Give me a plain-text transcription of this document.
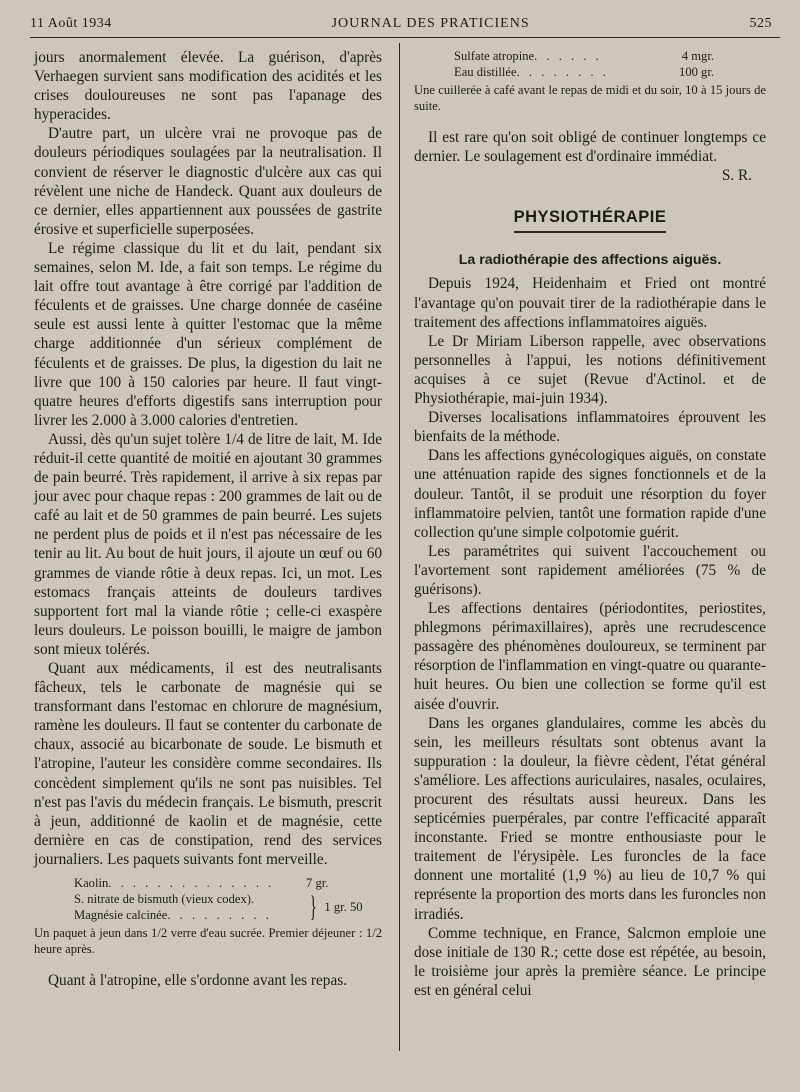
11 Août 1934	JOURNAL DES PRATICIENS	525

jours anormalement élevée. La guérison, d'après Verhaegen survient sans modification des acidités et les crises douloureuses ne sont pas l'apanage des hyperacides.

D'autre part, un ulcère vrai ne provoque pas de douleurs périodiques soulagées par la neutralisation. Il convient de réserver le diagnostic d'ulcère aux cas qui révèlent une niche de Handeck. Quant aux douleurs de ce dernier, elles appartiennent aux poussées de gastrite érosive et superficielle superposées.

Le régime classique du lit et du lait, pendant six semaines, selon M. Ide, a fait son temps. Le régime du lait offre tout avantage à être corrigé par l'addition de féculents et de graisses. Une charge donnée de caséine seule est aussi lente à quitter l'estomac que la même charge additionnée d'un sérieux complément de féculents et de graisses. De plus, la digestion du lait ne livre que 100 à 150 calories par heure. Il faut vingt-quatre heures d'efforts digestifs sans interruption pour livrer les 2.000 à 3.000 calories d'entretien.

Aussi, dès qu'un sujet tolère 1/4 de litre de lait, M. Ide réduit-il cette quantité de moitié en ajoutant 30 grammes de pain beurré. Très rapidement, il arrive à six repas par jour avec pour chaque repas : 200 grammes de lait ou de café au lait et de 50 grammes de pain beurré. Les sujets ne perdent plus de poids et il n'est pas nécessaire de les tenir au lit. Au bout de huit jours, il ajoute un œuf ou 60 grammes de viande rôtie à deux repas. Ici, un mot. Les estomacs français atteints de douleurs tardives supportent fort mal la viande rôtie ; celle-ci exaspère leurs douleurs. Le poisson bouilli, le maigre de jambon sont mieux tolérés.

Quant aux médicaments, il est des neutralisants fâcheux, tels le carbonate de magnésie qui se transformant dans l'estomac en chlorure de magnésium, ramène les douleurs. Il faut se contenter du carbonate de chaux, associé au bicarbonate de soude. Le bismuth et l'atropine, l'auteur les considère comme secondaires. Ils concèdent simplement qu'ils ne sont pas nuisibles. Tel n'est pas l'avis du médecin français. Le bismuth, prescrit à jeun, additionné de kaolin et de magnésie, cette dernière en cas de constipation, rend des services journaliers. Les paquets suivants font merveille.

Kaolin . . . . . . . . . . . . . .	7 gr.
S. nitrate de bismuth (vieux codex).
Magnésie calcinée . . . . . . . . .	} 1 gr. 50

Un paquet à jeun dans 1/2 verre d'eau sucrée. Premier déjeuner : 1/2 heure après.

Quant à l'atropine, elle s'ordonne avant les repas.

Sulfate atropine . . . . . .	4 mgr.
Eau distillée . . . . . . . .	100 gr.

Une cuillerée à café avant le repas de midi et du soir, 10 à 15 jours de suite.

Il est rare qu'on soit obligé de continuer longtemps ce dernier. Le soulagement est d'ordinaire immédiat.

S. R.
PHYSIOTHÉRAPIE
La radiothérapie des affections aiguës.

Depuis 1924, Heidenhaim et Fried ont montré l'avantage qu'on pouvait tirer de la radiothérapie dans le traitement des affections inflammatoires aiguës.

Le Dr Miriam Liberson rappelle, avec observations personnelles à l'appui, les notions définitivement acquises à ce sujet (Revue d'Actinol. et de Physiothérapie, mai-juin 1934).

Diverses localisations inflammatoires éprouvent les bienfaits de la méthode.

Dans les affections gynécologiques aiguës, on constate une atténuation rapide des signes fonctionnels et de la douleur. Tantôt, il se produit une résorption du foyer inflammatoire pelvien, tantôt une formation rapide d'une collection qu'une simple colpotomie guérit.

Les paramétrites qui suivent l'accouchement ou l'avortement sont rapidement améliorées (75 % de guérisons).

Les affections dentaires (périodontites, periostites, phlegmons périmaxillaires), après une recrudescence passagère des phénomènes douloureux, se terminent par résorption de l'inflammation en vingt-quatre ou quarante-huit heures. Ou bien une collection se forme qu'il est aisée d'ouvrir.

Dans les organes glandulaires, comme les abcès du sein, les meilleurs résultats sont obtenus avant la suppuration : la douleur, la fièvre cèdent, l'état général s'améliore. Les affections auriculaires, nasales, oculaires, procurent des résultats aussi heureux. Dans les septicémies puerpérales, par contre l'efficacité apparaît inconstante. Fried se montre enthousiaste pour le traitement de l'érysipèle. Les furoncles de la face donnent une mortalité (1,9 %) au lieu de 10,7 % qui représente la proportion des morts dans les furoncles non irradiés.

Comme technique, en France, Salcmon emploie une dose initiale de 130 R.; cette dose est répétée, au besoin, le troisième jour après la première séance. Le principe est en général celui
